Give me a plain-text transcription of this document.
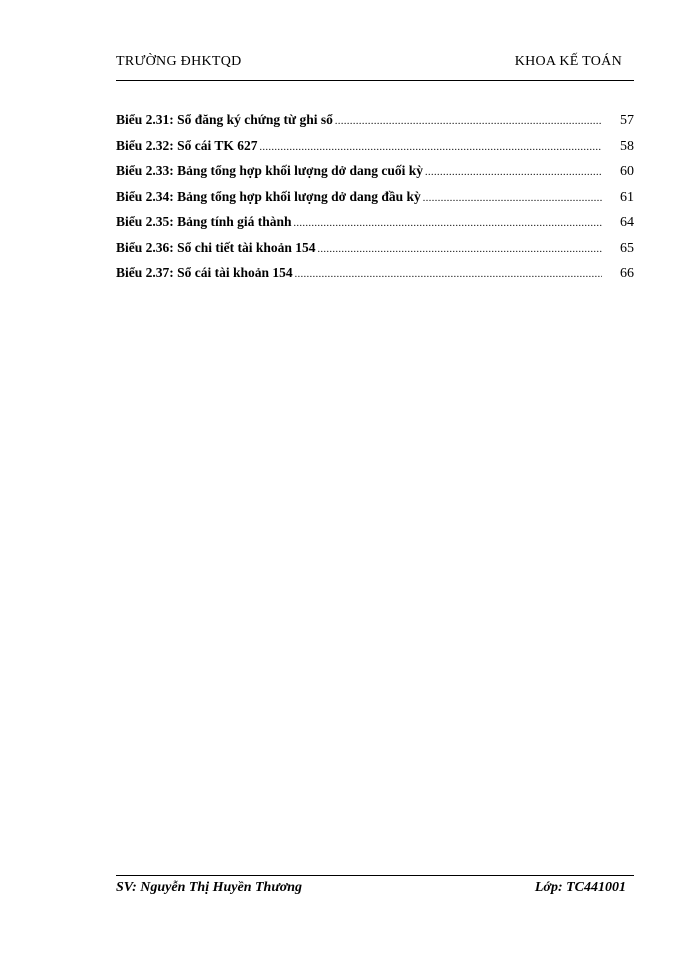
TRƯỜNG ĐHKTQD	KHOA KẾ TOÁN
Biểu 2.31: Sổ đăng ký chứng từ ghi sổ .....	57
Biểu 2.32: Sổ cái TK 627 .....	58
Biểu 2.33: Bảng tổng hợp khối lượng dở dang cuối kỳ .....	60
Biểu 2.34: Bảng tổng hợp khối lượng dở dang đầu kỳ .....	61
Biểu 2.35: Bảng tính giá thành .....	64
Biểu 2.36: Sổ chi tiết tài khoản 154 .....	65
Biểu 2.37: Sổ cái tài khoản 154 .....	66
SV: Nguyễn Thị Huyền Thương	Lớp: TC441001
